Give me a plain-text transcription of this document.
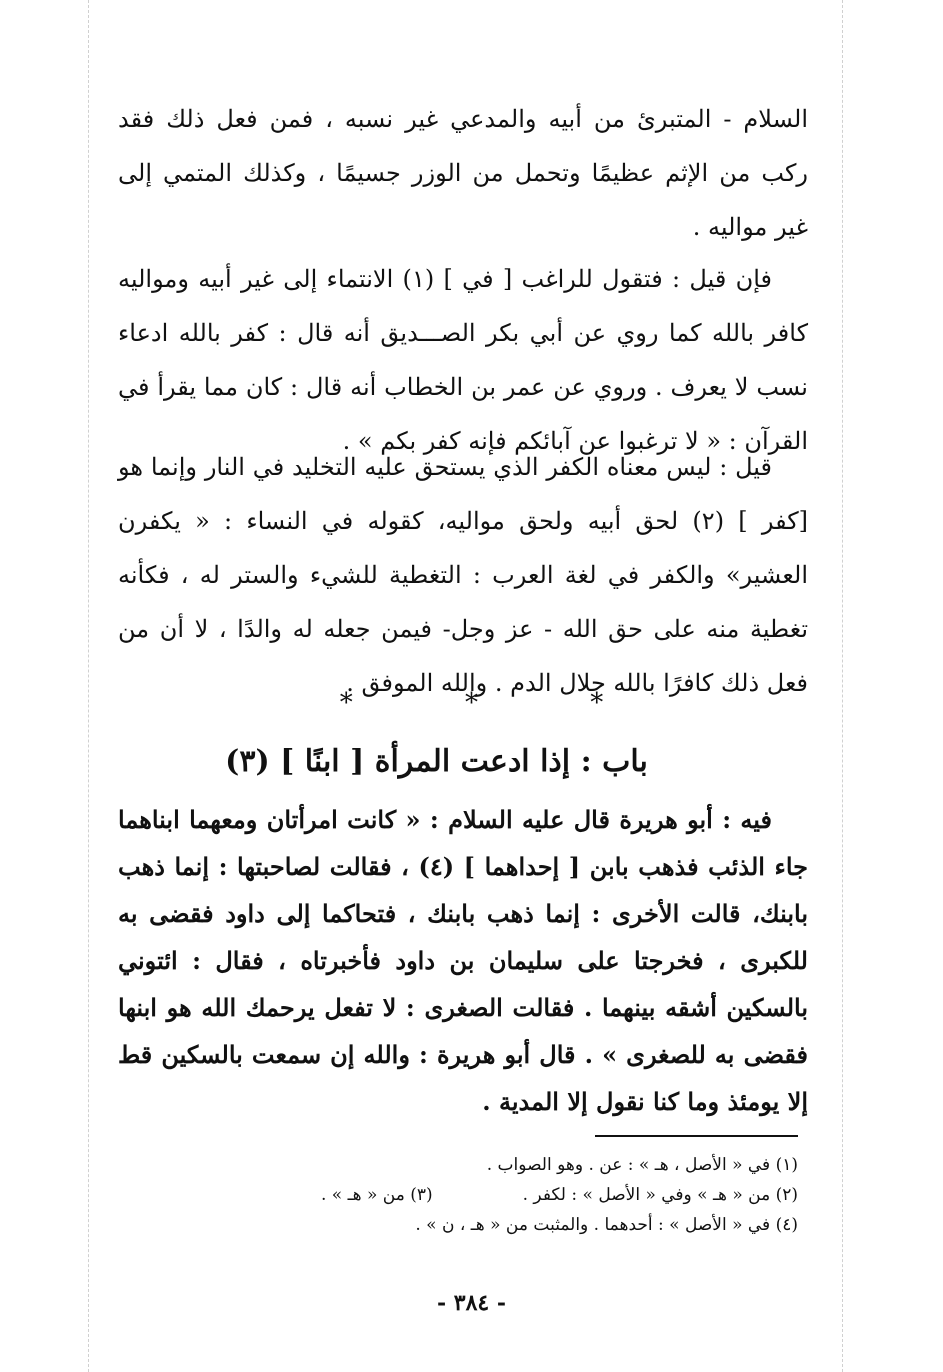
السلام - المتبرئ من أبيه والمدعي غير نسبه ، فمن فعل ذلك فقد ركب من الإثم عظيمًا وتحمل من الوزر جسيمًا ، وكذلك المتمي إلى غير مواليه .
فإن قيل : فتقول للراغب [ في ] (١) الانتماء إلى غير أبيه ومواليه كافر بالله كما روي عن أبي بكر الصـــديق أنه قال : كفر بالله ادعاء نسب لا يعرف . وروي عن عمر بن الخطاب أنه قال : كان مما يقرأ في القرآن : « لا ترغبوا عن آبائكم فإنه كفر بكم » .
قيل : ليس معناه الكفر الذي يستحق عليه التخليد في النار وإنما هو [كفر ] (٢) لحق أبيه ولحق مواليه، كقوله في النساء : « يكفرن العشير» والكفر في لغة العرب : التغطية للشيء والستر له ، فكأنه تغطية منه على حق الله - عز وجل- فيمن جعله له والدًا ، لا أن من فعل ذلك كافرًا بالله حلال الدم . والله الموفق .
* * *
باب : إذا ادعت المرأة [ ابنًا ] (٣)
فيه : أبو هريرة قال عليه السلام : « كانت امرأتان ومعهما ابناهما جاء الذئب فذهب بابن [ إحداهما ] (٤) ، فقالت لصاحبتها : إنما ذهب بابنك، قالت الأخرى : إنما ذهب بابنك ، فتحاكما إلى داود فقضى به للكبرى ، فخرجتا على سليمان بن داود فأخبرتاه ، فقال : ائتوني بالسكين أشقه بينهما . فقالت الصغرى : لا تفعل يرحمك الله هو ابنها فقضى به للصغرى » . قال أبو هريرة : والله إن سمعت بالسكين قط إلا يومئذ وما كنا نقول إلا المدية .
(١) في « الأصل ، هـ » : عن . وهو الصواب .
(٢) من « هـ » وفي « الأصل » : لكفر .
(٣) من « هـ » .
(٤) في « الأصل » : أحدهما . والمثبت من « هـ ، ن » .
- ٣٨٤ -
